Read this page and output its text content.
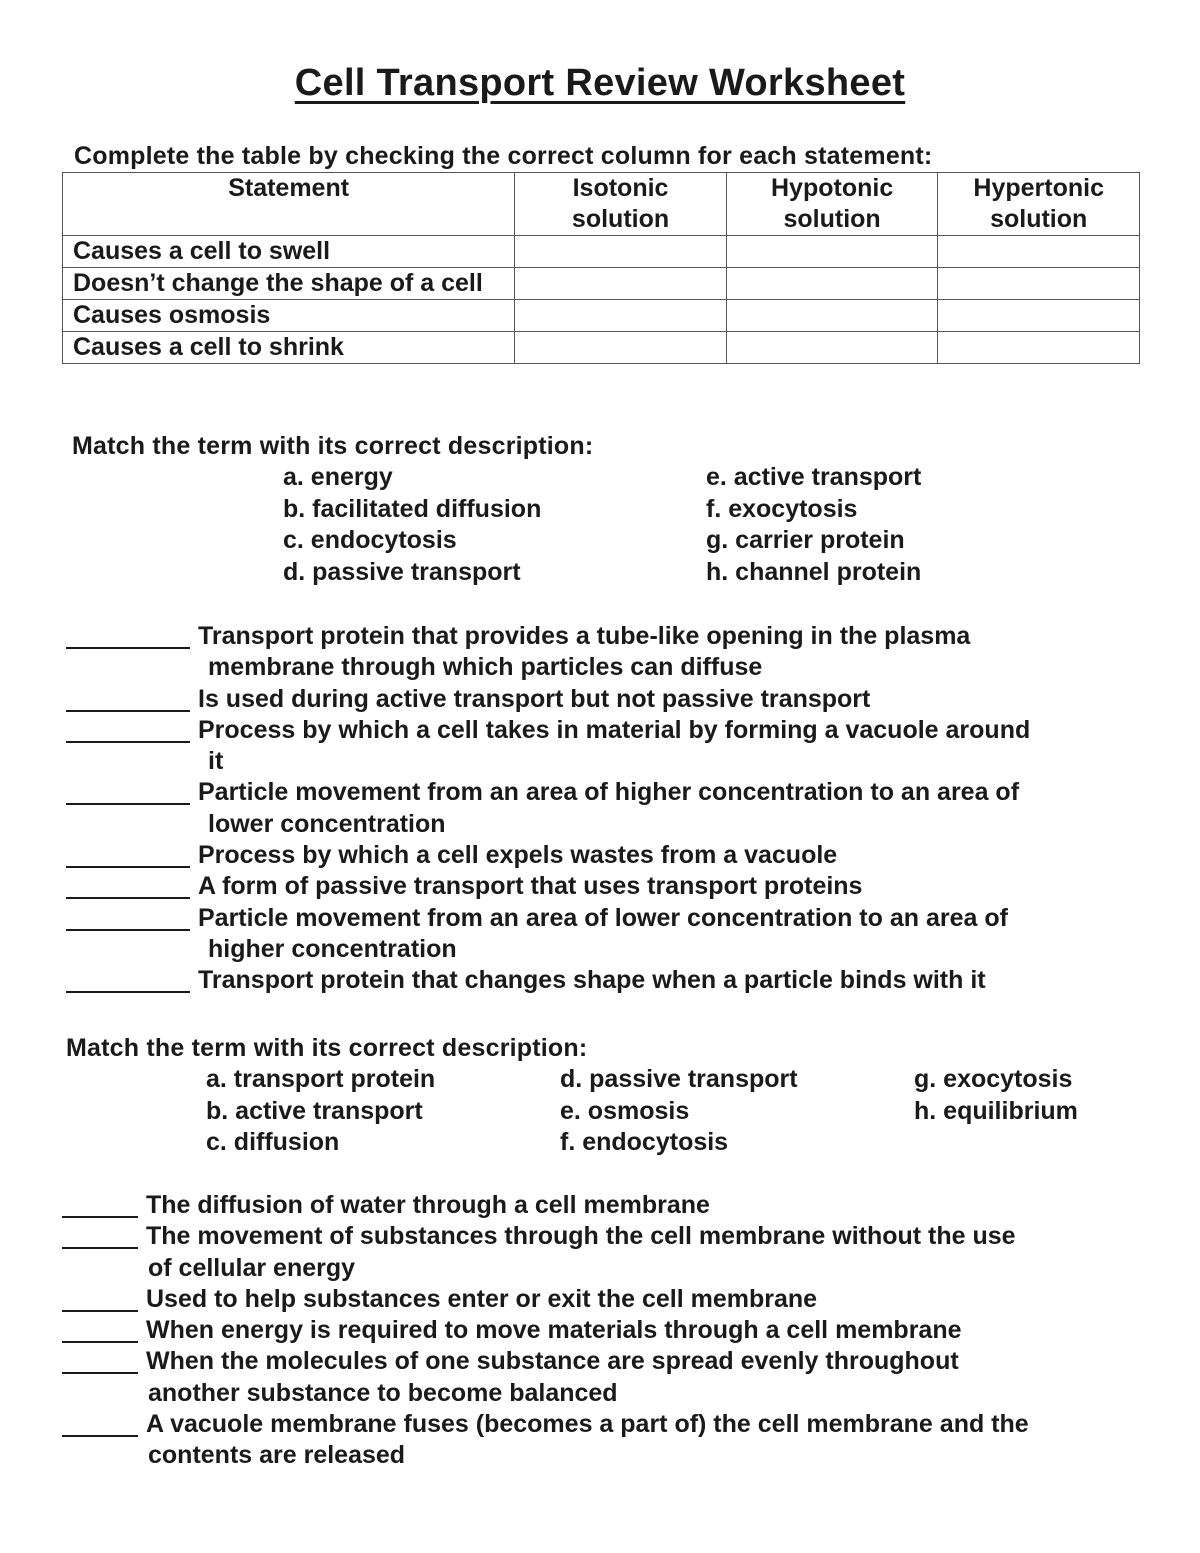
Cell Transport Review Worksheet
Complete the table by checking the correct column for each statement:
Statement	Isotonic solution	Hypotonic solution	Hypertonic solution
Causes a cell to swell			
Doesn’t change the shape of a cell			
Causes osmosis			
Causes a cell to shrink			
Match the term with its correct description:
a. energy
b. facilitated diffusion
c. endocytosis
d. passive transport
e. active transport
f. exocytosis
g. carrier protein
h. channel protein
Transport protein that provides a tube-like opening in the plasma
membrane through which particles can diffuse
Is used during active transport but not passive transport
Process by which a cell takes in material by forming a vacuole around
it
Particle movement from an area of higher concentration to an area of
lower concentration
Process by which a cell expels wastes from a vacuole
A form of passive transport that uses transport proteins
Particle movement from an area of lower concentration to an area of
higher concentration
Transport protein that changes shape when a particle binds with it
Match the term with its correct description:
a. transport protein
b. active transport
c. diffusion
d. passive transport
e. osmosis
f. endocytosis
g. exocytosis
h. equilibrium
The diffusion of water through a cell membrane
The movement of substances through the cell membrane without the use
of cellular energy
Used to help substances enter or exit the cell membrane
When energy is required to move materials through a cell membrane
When the molecules of one substance are spread evenly throughout
another substance to become balanced
A vacuole membrane fuses (becomes a part of) the cell membrane and the
contents are released
